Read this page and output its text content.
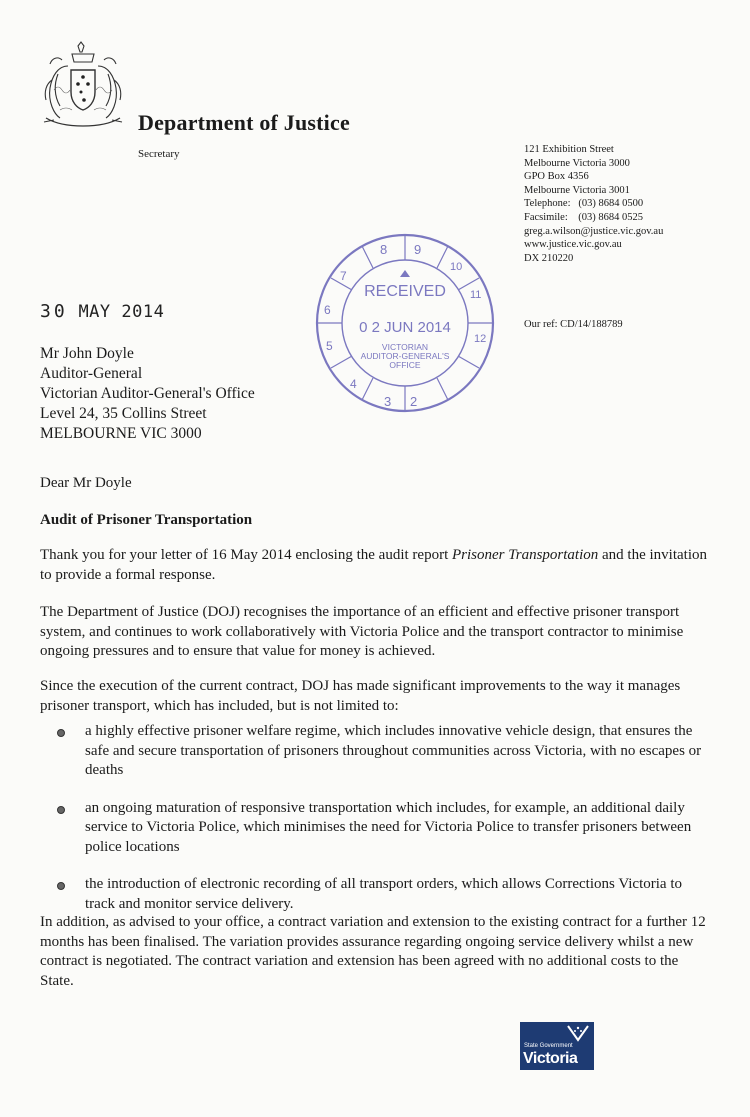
Department of Justice
Secretary	121 Exhibition Street
Melbourne Victoria 3000
GPO Box 4356
Melbourne Victoria 3001
Telephone:   (03) 8684 0500
Facsimile:    (03) 8684 0525
greg.a.wilson@justice.vic.gov.au
www.justice.vic.gov.au
DX 210220
Our ref: CD/14/188789
8 9
10
11
12
2
3
4
5
6
7
RECEIVED
0 2 JUN 2014
VICTORIAN
AUDITOR-GENERAL'S
OFFICE
30 MAY 2014
Mr John Doyle
Auditor-General
Victorian Auditor-General's Office
Level 24, 35 Collins Street
MELBOURNE VIC 3000
Dear Mr Doyle
Audit of Prisoner Transportation
Thank you for your letter of 16 May 2014 enclosing the audit report Prisoner Transportation and the invitation to provide a formal response.
The Department of Justice (DOJ) recognises the importance of an efficient and effective prisoner transport system, and continues to work collaboratively with Victoria Police and the transport contractor to minimise ongoing pressures and to ensure that value for money is achieved.
Since the execution of the current contract, DOJ has made significant improvements to the way it manages prisoner transport, which has included, but is not limited to:
a highly effective prisoner welfare regime, which includes innovative vehicle design, that ensures the safe and secure transportation of prisoners throughout communities across Victoria, with no escapes or deaths
an ongoing maturation of responsive transportation which includes, for example, an additional daily service to Victoria Police, which minimises the need for Victoria Police to transfer prisoners between police locations
the introduction of electronic recording of all transport orders, which allows Corrections Victoria to track and monitor service delivery.
In addition, as advised to your office, a contract variation and extension to the existing contract for a further 12 months has been finalised. The variation provides assurance regarding ongoing service delivery whilst a new contract is negotiated. The contract variation and extension has been agreed with no additional costs to the State.
State Government
Victoria
